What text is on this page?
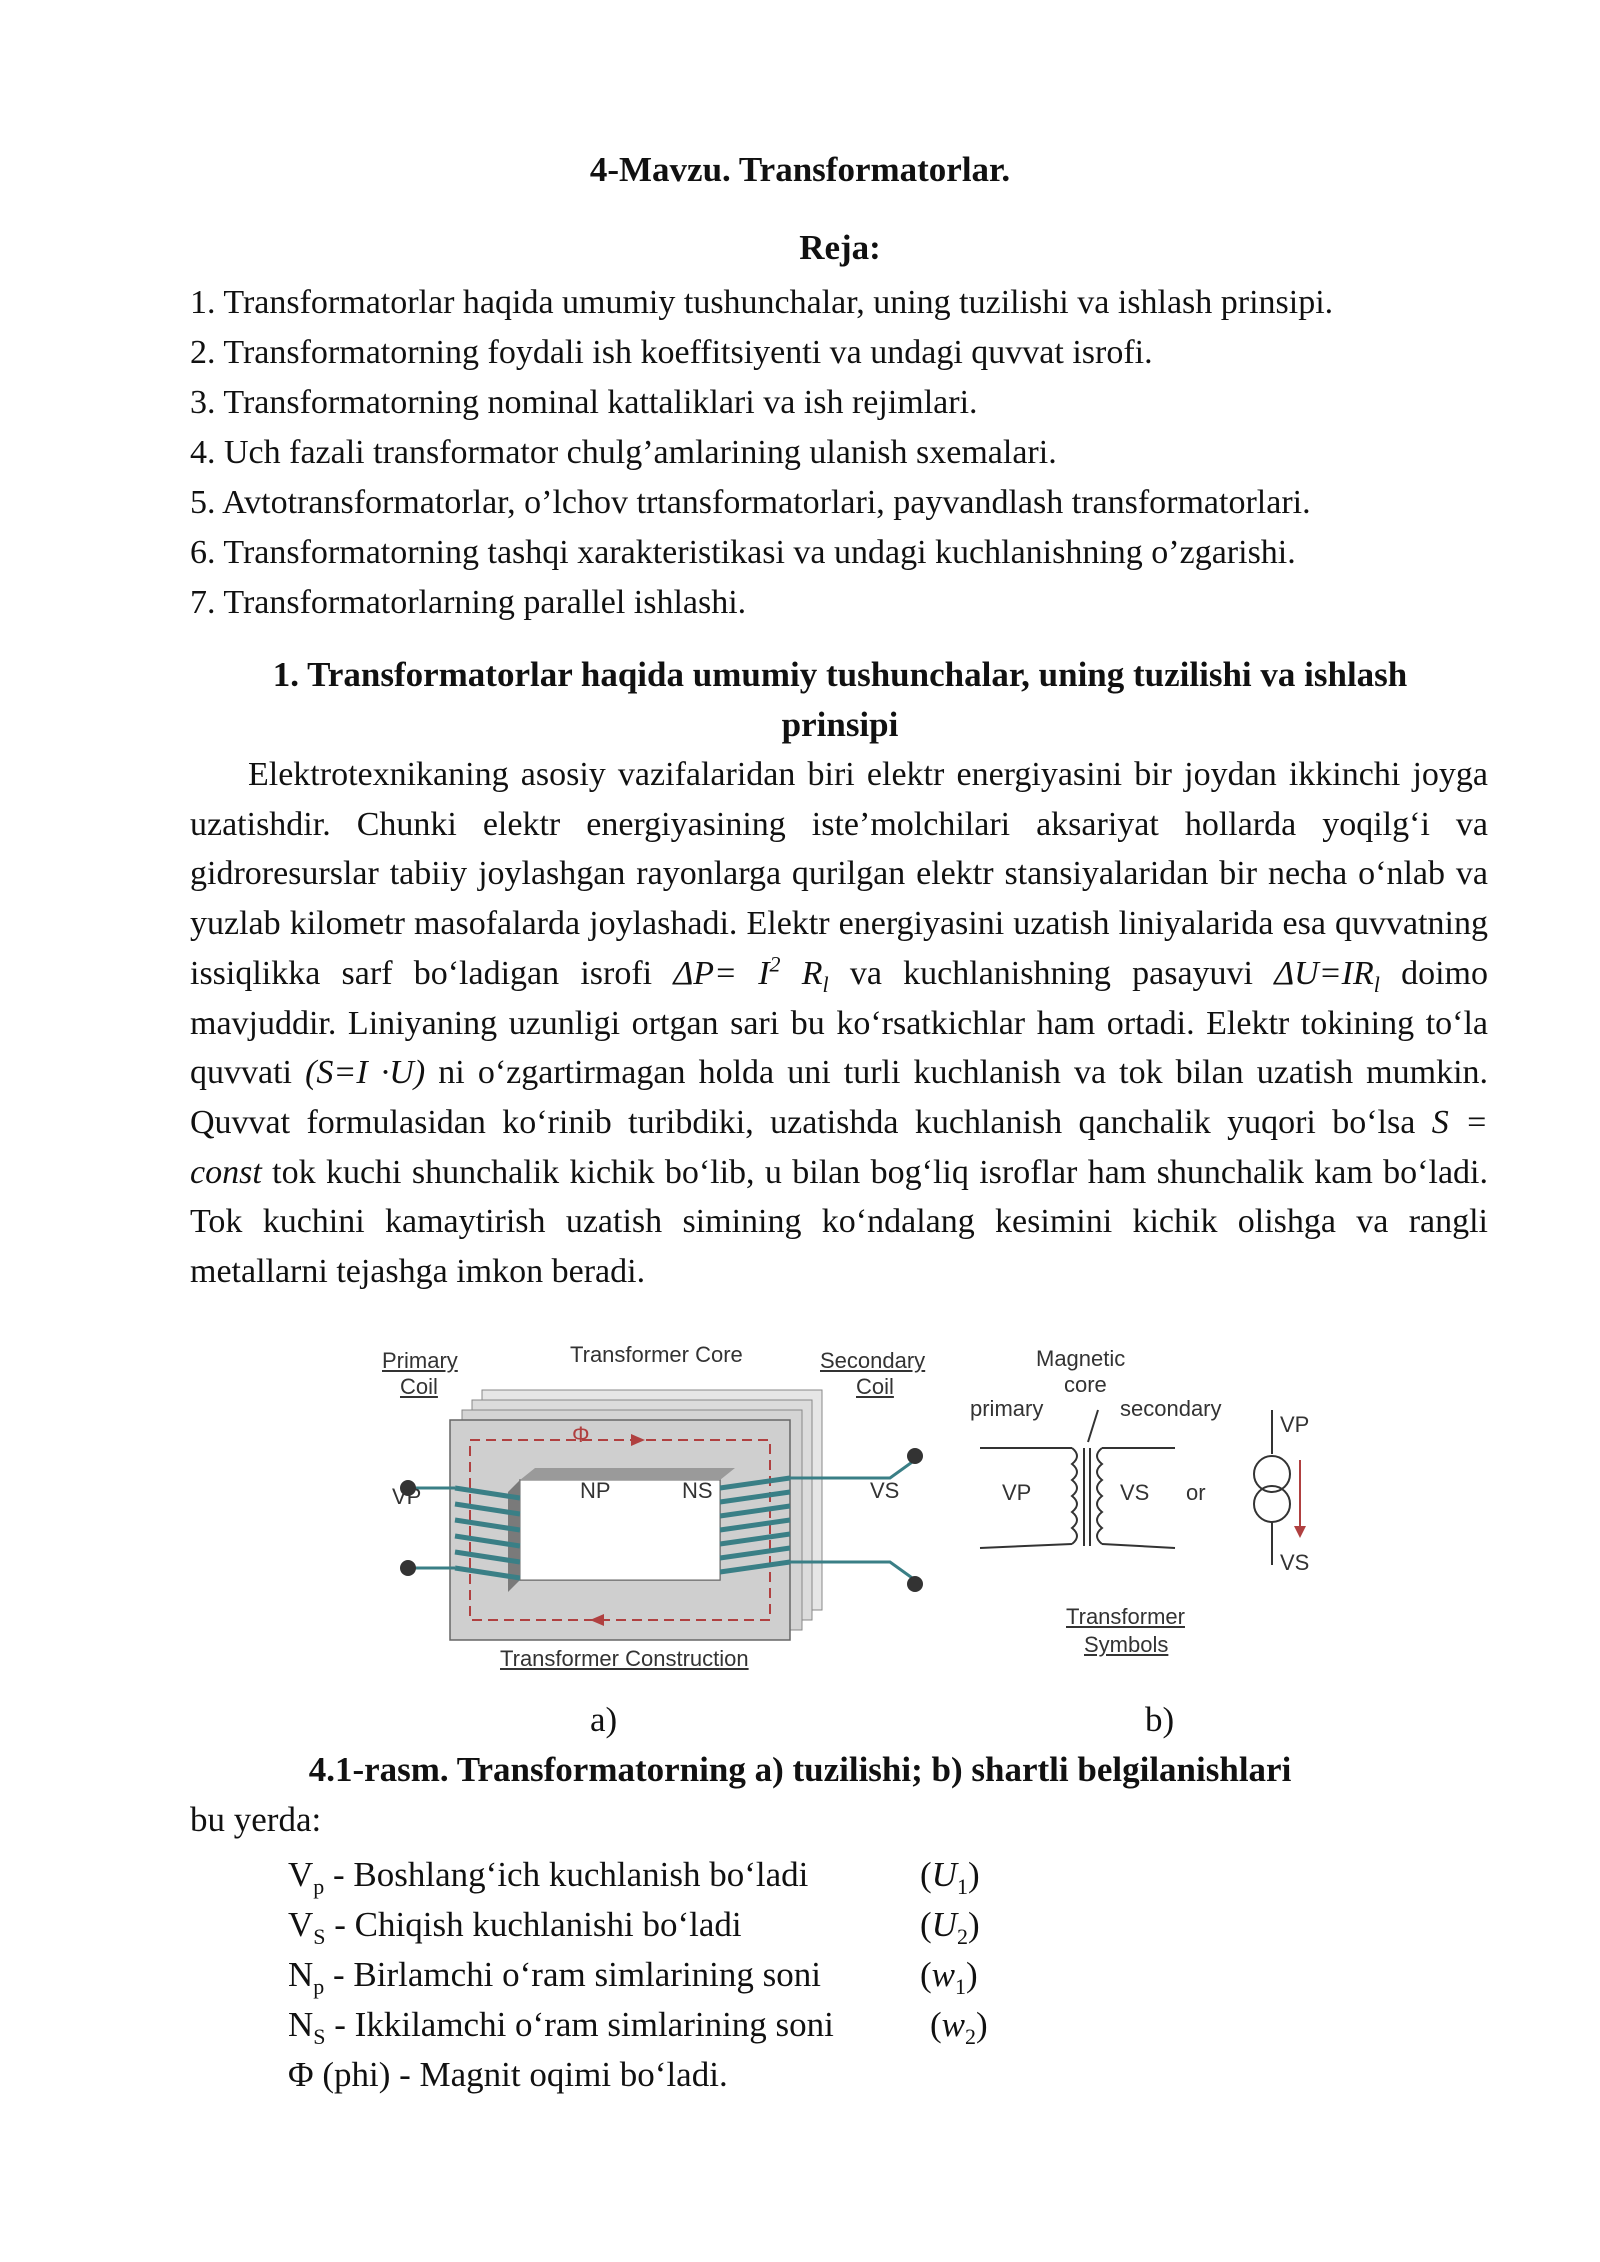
4-Mavzu. Transformatorlar.
Reja:
1. Transformatorlar haqida umumiy tushunchalar, uning tuzilishi va ishlash prinsipi.
2. Transformatorning foydali ish koeffitsiyenti va undagi quvvat isrofi.
3. Transformatorning nominal kattaliklari va ish rejimlari.
4. Uch fazali transformator chulg’amlarining ulanish sxemalari.
5. Avtotransformatorlar, o’lchov trtansformatorlari, payvandlash transformatorlari.
6. Transformatorning tashqi xarakteristikasi va undagi kuchlanishning o’zgarishi.
7. Transformatorlarning parallel ishlashi.
1. Transformatorlar haqida umumiy tushunchalar, uning tuzilishi va ishlash
prinsipi

Elektrotexnikaning asosiy vazifalaridan biri elektr energiyasini bir joydan ikkinchi joyga uzatishdir. Chunki elektr energiyasining iste’molchilari aksariyat hollarda yoqilg‘i va gidroresurslar tabiiy joylashgan rayonlarga qurilgan elektr stansiyalaridan bir necha o‘nlab va yuzlab kilometr masofalarda joylashadi. Elektr energiyasini uzatish liniyalarida esa quvvatning issiqlikka sarf bo‘ladigan isrofi $\Delta P= I^2$ $R_l$ va kuchlanishning pasayuvi $\Delta U=IR_l$ doimo mavjuddir. Liniyaning uzunligi ortgan sari bu ko‘rsatkichlar ham ortadi. Elektr tokining to‘la quvvati (S=I ·U) ni o‘zgartirmagan holda uni turli kuchlanish va tok bilan uzatish mumkin. Quvvat formulasidan ko‘rinib turibdiki, uzatishda kuchlanish qanchalik yuqori bo‘lsa S = const tok kuchi shunchalik kichik bo‘lib, u bilan bog‘liq isroflar ham shunchalik kam bo‘ladi. Tok kuchini kamaytirish uzatish simining ko‘ndalang kesimini kichik olishga va rangli metallarni tejashga imkon beradi.

Primary
Coil
Transformer Core	Secondary
Coil
Φ
VP	NP	NS	VS
Transformer Construction
Magnetic
core
primary	secondary
VP	VS or
VP
VS
Transformer
Symbols
a)	b)
4.1-rasm. Transformatorning a) tuzilishi; b) shartli belgilanishlari
bu yerda:
$V_p$ - Boshlang‘ich kuchlanish bo‘ladi	$(U_1)$
$V_S$ - Chiqish kuchlanishi bo‘ladi	$(U_2)$
$N_p$ - Birlamchi o‘ram simlarining soni	$(w_1)$
$N_S$ - Ikkilamchi o‘ram simlarining soni	$(w_2)$
Φ (phi) - Magnit oqimi bo‘ladi.
